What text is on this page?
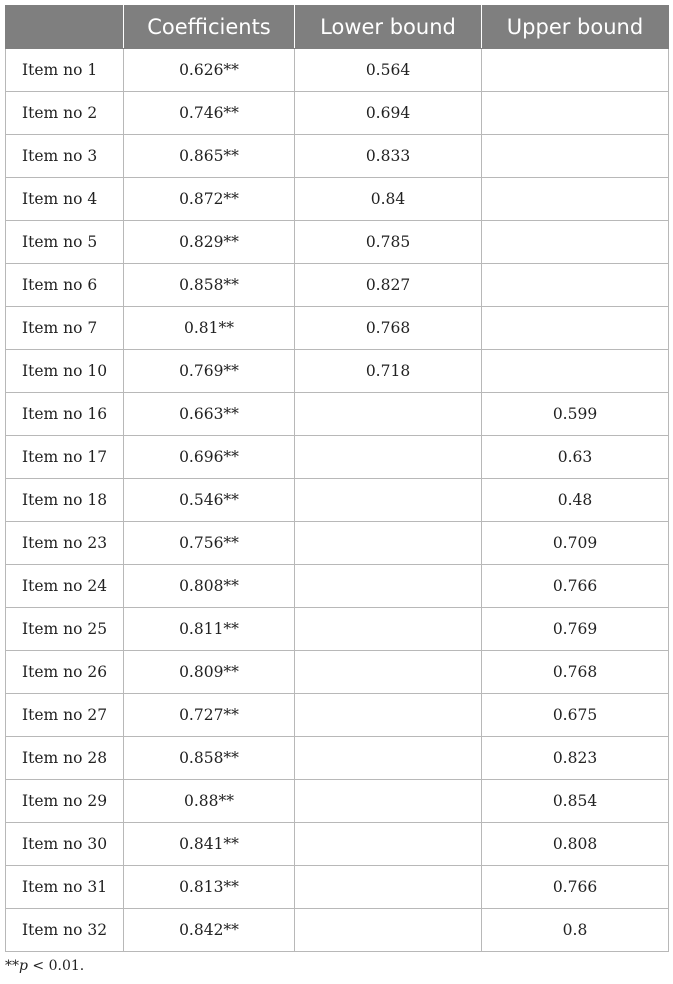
	Coefficients	Lower bound	Upper bound
Item no 1	0.626**	0.564	
Item no 2	0.746**	0.694	
Item no 3	0.865**	0.833	
Item no 4	0.872**	0.84	
Item no 5	0.829**	0.785	
Item no 6	0.858**	0.827	
Item no 7	0.81**	0.768	
Item no 10	0.769**	0.718	
Item no 16	0.663**		0.599
Item no 17	0.696**		0.63
Item no 18	0.546**		0.48
Item no 23	0.756**		0.709
Item no 24	0.808**		0.766
Item no 25	0.811**		0.769
Item no 26	0.809**		0.768
Item no 27	0.727**		0.675
Item no 28	0.858**		0.823
Item no 29	0.88**		0.854
Item no 30	0.841**		0.808
Item no 31	0.813**		0.766
Item no 32	0.842**		0.8
**p < 0.01.
